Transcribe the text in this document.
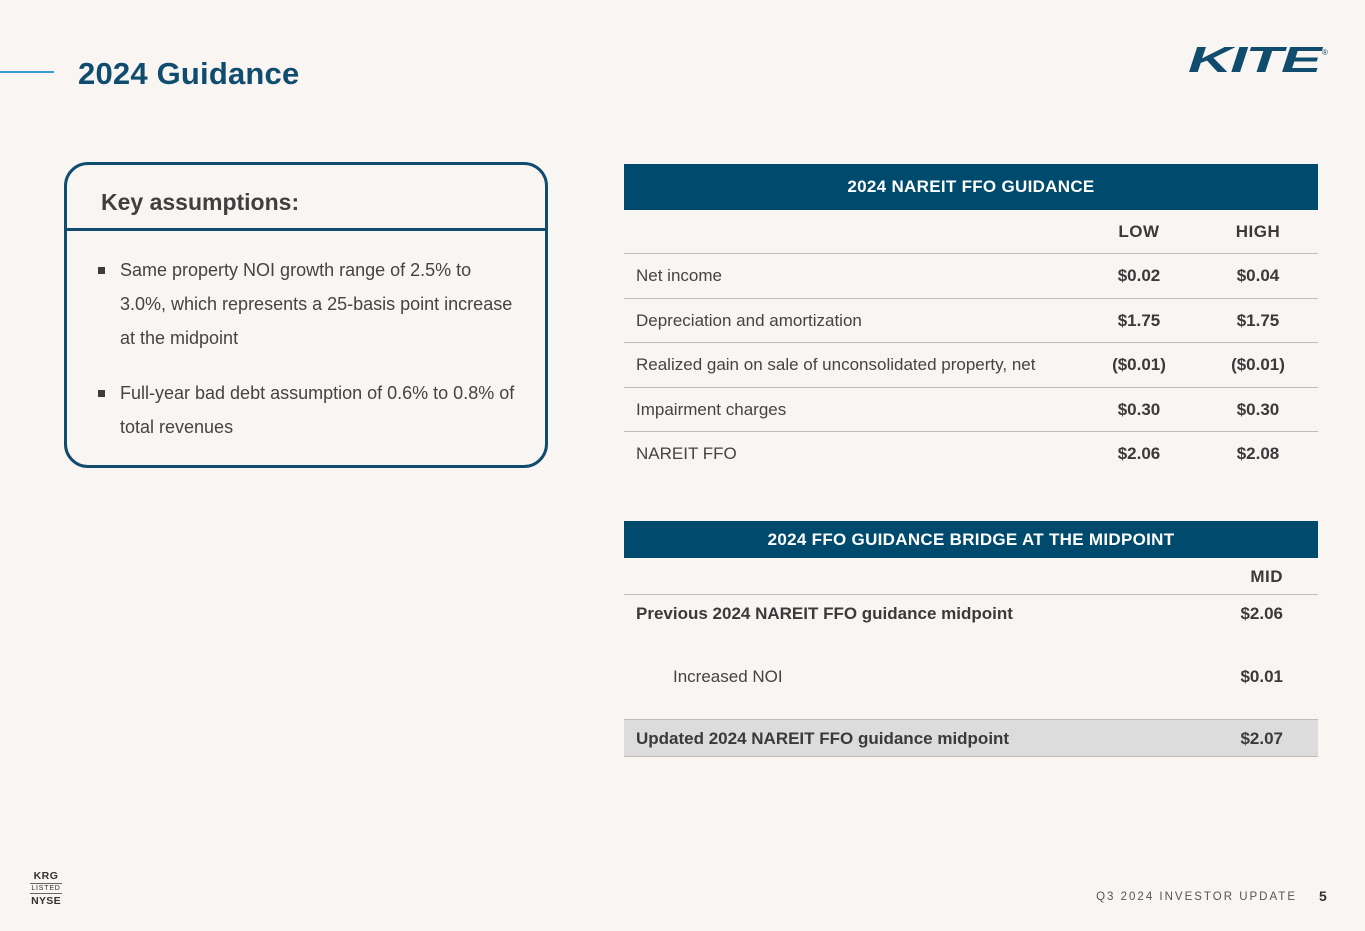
2024 Guidance	KITE
®
Key assumptions:
Same property NOI growth range of 2.5% to 3.0%, which represents a 25-basis point increase at the midpoint
Full-year bad debt assumption of 0.6% to 0.8% of total revenues
2024 NAREIT FFO GUIDANCE
LOW	HIGH
Net income	$0.02	$0.04
Depreciation and amortization	$1.75	$1.75
Realized gain on sale of unconsolidated property, net	($0.01)	($0.01)
Impairment charges	$0.30	$0.30
NAREIT FFO	$2.06	$2.08
2024 FFO GUIDANCE BRIDGE AT THE MIDPOINT
MID
Previous 2024 NAREIT FFO guidance midpoint	$2.06
Increased NOI	$0.01
Updated 2024 NAREIT FFO guidance midpoint	$2.07
KRG
LISTED
NYSE	Q3 2024 INVESTOR UPDATE 5
